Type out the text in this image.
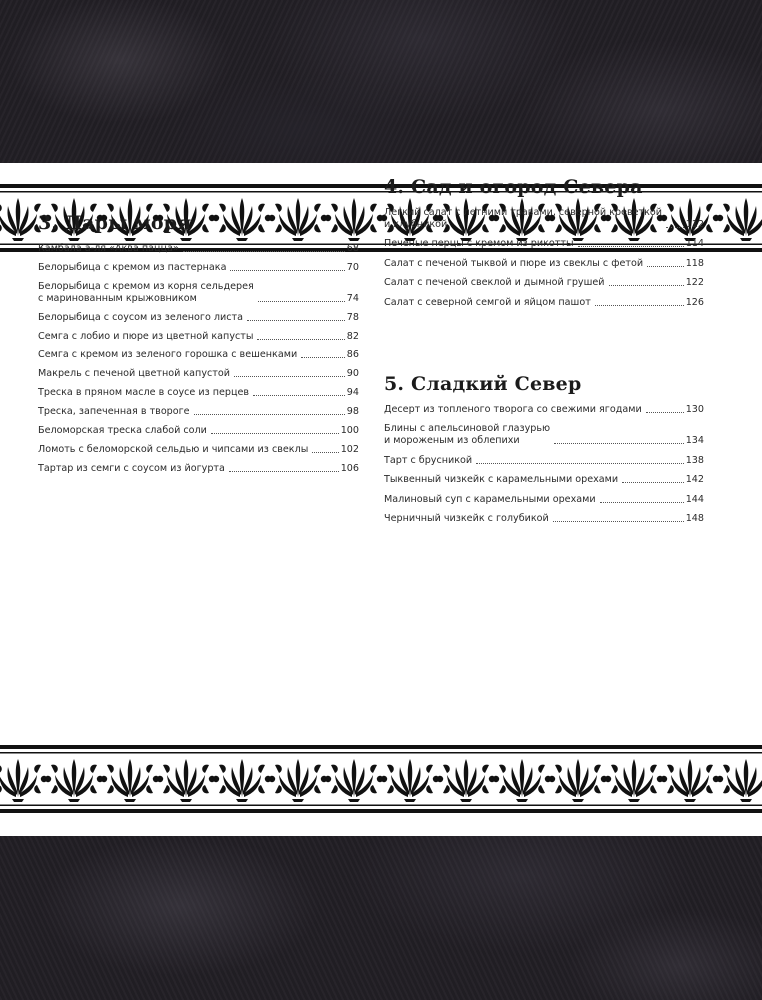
3. Дары моря
Камбала а-ля «Аква пацца»	68
Белорыбица с кремом из пастернака	70
Белорыбица с кремом из корня сельдерея
с маринованным крыжовником	74
Белорыбица с соусом из зеленого листа	78
Семга с лобио и пюре из цветной капусты	82
Семга с кремом из зеленого горошка с вешенками	86
Макрель с печеной цветной капустой	90
Треска в пряном масле в соусе из перцев	94
Треска, запеченная в твороге	98
Беломорская треска слабой соли	100
Ломоть с беломорской сельдью и чипсами из свеклы	102
Тартар из семги с соусом из йогурта	106
4. Сад и огород Севера
Легкий салат с летними травами, северной креветкой
и клубникой	112
Печеные перцы с кремом из рикотты	114
Салат с печеной тыквой и пюре из свеклы с фетой	118
Салат с печеной свеклой и дымной грушей	122
Салат с северной семгой и яйцом пашот	126
5. Сладкий Север
Десерт из топленого творога со свежими ягодами	130
Блины с апельсиновой глазурью
и мороженым из облепихи	134
Тарт с брусникой	138
Тыквенный чизкейк с карамельными орехами	142
Малиновый суп с карамельными орехами	144
Черничный чизкейк с голубикой	148
